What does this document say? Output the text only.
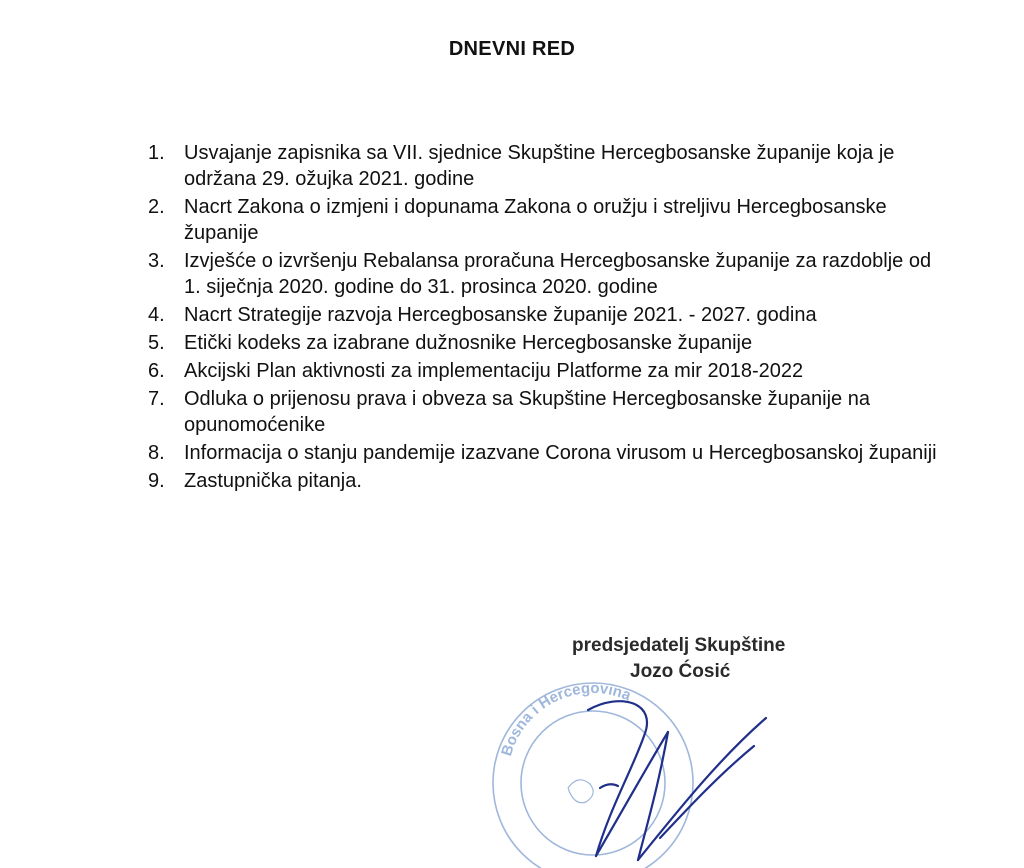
DNEVNI RED
1. Usvajanje zapisnika sa VII. sjednice Skupštine Hercegbosanske županije koja je održana 29. ožujka 2021. godine
2. Nacrt Zakona o izmjeni i dopunama Zakona o oružju i streljivu Hercegbosanske županije
3. Izvješće o izvršenju Rebalansa proračuna Hercegbosanske županije za razdoblje od 1. siječnja 2020. godine do 31. prosinca 2020. godine
4. Nacrt Strategije razvoja Hercegbosanske županije 2021. - 2027. godina
5. Etički kodeks za izabrane dužnosnike Hercegbosanske županije
6. Akcijski Plan aktivnosti za implementaciju Platforme za mir 2018-2022
7. Odluka o prijenosu prava i obveza sa Skupštine Hercegbosanske županije na opunomoćenike
8. Informacija o stanju pandemije izazvane Corona virusom u Hercegbosanskoj županiji
9. Zastupnička pitanja.
Bosna i Hercegovina
predsjedatelj Skupštine
Jozo Ćosić
